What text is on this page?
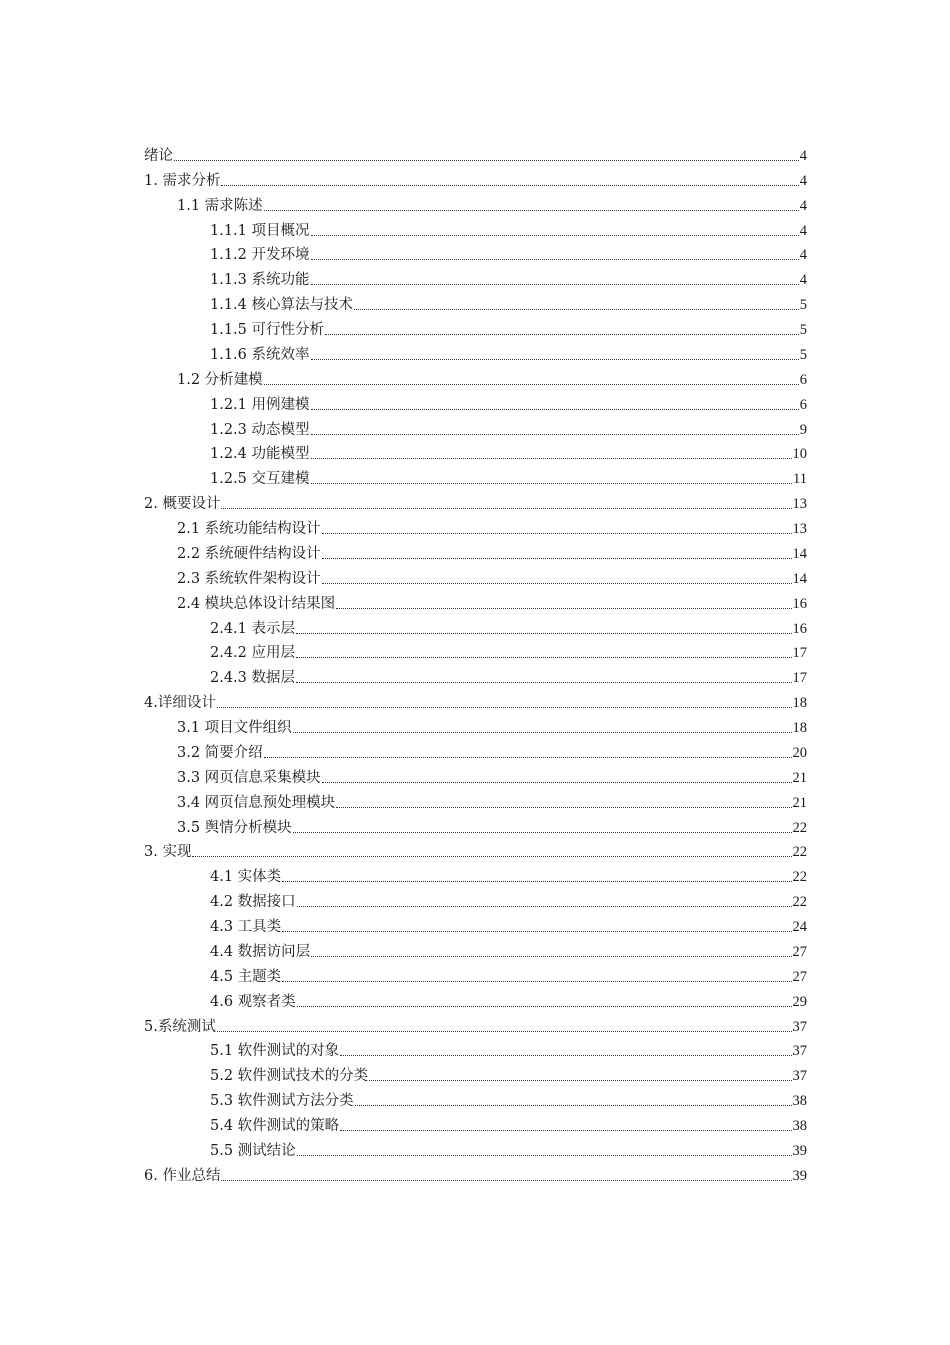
绪论	4
1. 需求分析	4
1.1 需求陈述	4
1.1.1 项目概况	4
1.1.2 开发环境	4
1.1.3 系统功能	4
1.1.4 核心算法与技术	5
1.1.5 可行性分析	5
1.1.6 系统效率	5
1.2 分析建模	6
1.2.1 用例建模	6
1.2.3 动态模型	9
1.2.4 功能模型	10
1.2.5 交互建模	11
2. 概要设计	13
2.1 系统功能结构设计	13
2.2 系统硬件结构设计	14
2.3 系统软件架构设计	14
2.4 模块总体设计结果图	16
2.4.1 表示层	16
2.4.2 应用层	17
2.4.3 数据层	17
4.详细设计	18
3.1 项目文件组织	18
3.2 简要介绍	20
3.3 网页信息采集模块	21
3.4 网页信息预处理模块	21
3.5 舆情分析模块	22
3. 实现	22
4.1 实体类	22
4.2 数据接口	22
4.3 工具类	24
4.4 数据访问层	27
4.5 主题类	27
4.6 观察者类	29
5.系统测试	37
5.1 软件测试的对象	37
5.2 软件测试技术的分类	37
5.3 软件测试方法分类	38
5.4 软件测试的策略	38
5.5 测试结论	39
6. 作业总结	39
